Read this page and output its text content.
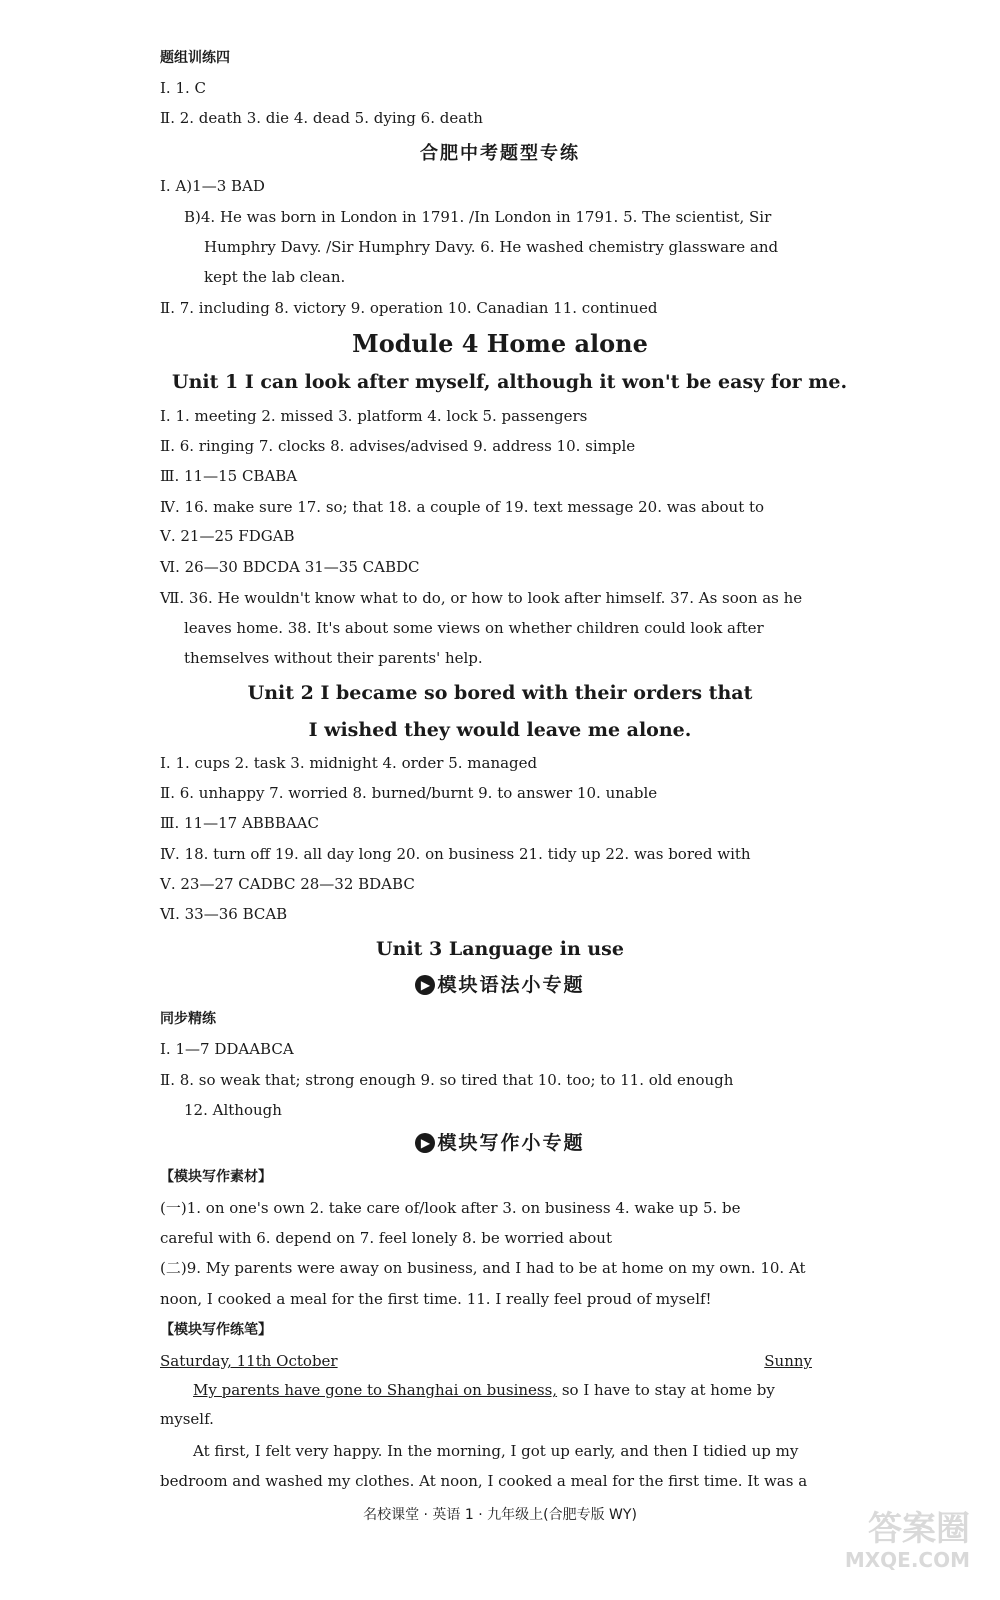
题组训练四
Ⅰ. 1. C
Ⅱ. 2. death 3. die 4. dead 5. dying 6. death
合肥中考题型专练
Ⅰ. A)1—3 BAD
B)4. He was born in London in 1791. /In London in 1791. 5. The scientist, Sir
Humphry Davy. /Sir Humphry Davy. 6. He washed chemistry glassware and
kept the lab clean.
Ⅱ. 7. including 8. victory 9. operation 10. Canadian 11. continued
Module 4 Home alone
Unit 1 I can look after myself, although it won't be easy for me.
Ⅰ. 1. meeting 2. missed 3. platform 4. lock 5. passengers
Ⅱ. 6. ringing 7. clocks 8. advises/advised 9. address 10. simple
Ⅲ. 11—15 CBABA
Ⅳ. 16. make sure 17. so; that 18. a couple of 19. text message 20. was about to
Ⅴ. 21—25 FDGAB
Ⅵ. 26—30 BDCDA 31—35 CABDC
Ⅶ. 36. He wouldn't know what to do, or how to look after himself. 37. As soon as he
leaves home. 38. It's about some views on whether children could look after
themselves without their parents' help.
Unit 2 I became so bored with their orders that
I wished they would leave me alone.
Ⅰ. 1. cups 2. task 3. midnight 4. order 5. managed
Ⅱ. 6. unhappy 7. worried 8. burned/burnt 9. to answer 10. unable
Ⅲ. 11—17 ABBBAAC
Ⅳ. 18. turn off 19. all day long 20. on business 21. tidy up 22. was bored with
Ⅴ. 23—27 CADBC 28—32 BDABC
Ⅵ. 33—36 BCAB
Unit 3 Language in use
▶ 模块语法小专题
同步精练
Ⅰ. 1—7 DDAABCA
Ⅱ. 8. so weak that; strong enough 9. so tired that 10. too; to 11. old enough
12. Although
▶ 模块写作小专题
【模块写作素材】
(一)1. on one's own 2. take care of/look after 3. on business 4. wake up 5. be
careful with 6. depend on 7. feel lonely 8. be worried about
(二)9. My parents were away on business, and I had to be at home on my own. 10. At
noon, I cooked a meal for the first time. 11. I really feel proud of myself!
【模块写作练笔】
Saturday, 11th October	Sunny
My parents have gone to Shanghai on business, so I have to stay at home by
myself.
At first, I felt very happy. In the morning, I got up early, and then I tidied up my
bedroom and washed my clothes. At noon, I cooked a meal for the first time. It was a
名校课堂 · 英语 1 · 九年级上(合肥专版 WY)	答案圈
MXQE.COM
